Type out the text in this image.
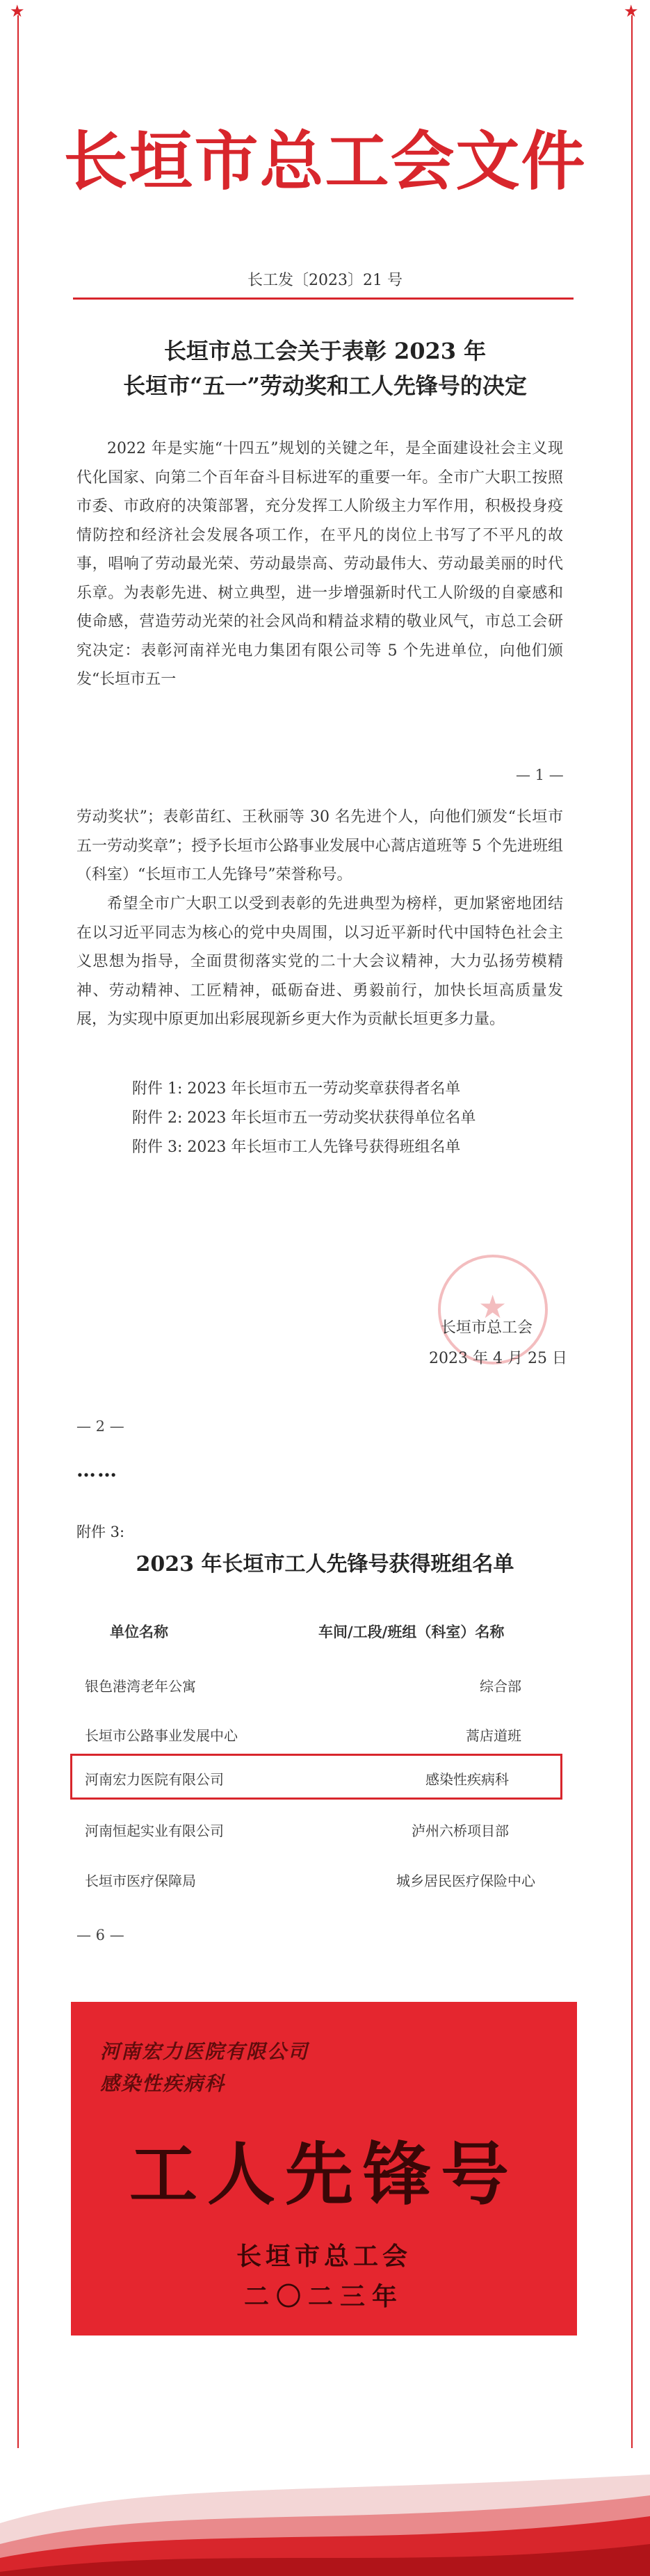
★	★
长垣市总工会文件
长工发〔2023〕21 号
长垣市总工会关于表彰 2023 年
长垣市“五一”劳动奖和工人先锋号的决定
2022 年是实施“十四五”规划的关键之年，是全面建设社会主义现代化国家、向第二个百年奋斗目标进军的重要一年。全市广大职工按照市委、市政府的决策部署，充分发挥工人阶级主力军作用，积极投身疫情防控和经济社会发展各项工作，在平凡的岗位上书写了不平凡的故事，唱响了劳动最光荣、劳动最崇高、劳动最伟大、劳动最美丽的时代乐章。为表彰先进、树立典型，进一步增强新时代工人阶级的自豪感和使命感，营造劳动光荣的社会风尚和精益求精的敬业风气，市总工会研究决定：表彰河南祥光电力集团有限公司等 5 个先进单位，向他们颁发“长垣市五一
— 1 —
劳动奖状”；表彰苗红、王秋丽等 30 名先进个人，向他们颁发“长垣市五一劳动奖章”；授予长垣市公路事业发展中心蒿店道班等 5 个先进班组（科室）“长垣市工人先锋号”荣誉称号。
希望全市广大职工以受到表彰的先进典型为榜样，更加紧密地团结在以习近平同志为核心的党中央周围，以习近平新时代中国特色社会主义思想为指导，全面贯彻落实党的二十大会议精神，大力弘扬劳模精神、劳动精神、工匠精神，砥砺奋进、勇毅前行，加快长垣高质量发展，为实现中原更加出彩展现新乡更大作为贡献长垣更多力量。
附件 1: 2023 年长垣市五一劳动奖章获得者名单
附件 2: 2023 年长垣市五一劳动奖状获得单位名单
附件 3: 2023 年长垣市工人先锋号获得班组名单
★
长垣市总工会
2023 年 4 月 25 日
— 2 —
……
附件 3:
2023 年长垣市工人先锋号获得班组名单
单位名称	车间/工段/班组（科室）名称
银色港湾老年公寓	综合部
长垣市公路事业发展中心	蒿店道班
河南宏力医院有限公司	感染性疾病科
河南恒起实业有限公司	泸州六桥项目部
长垣市医疗保障局	城乡居民医疗保险中心
— 6 —
河南宏力医院有限公司
感染性疾病科
工人先锋号
长垣市总工会
二〇二三年
